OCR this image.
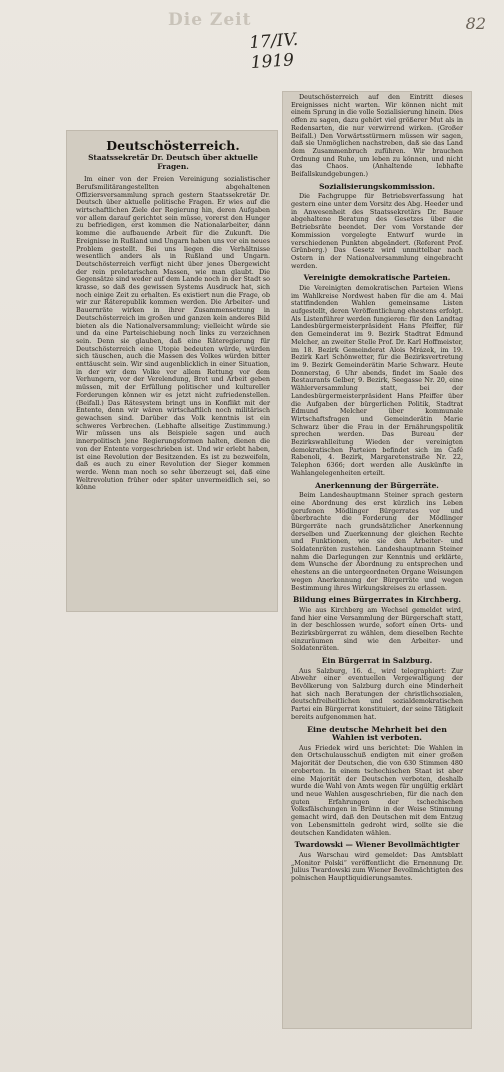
Die Zeit
17/IV. 1919
82
Deutschösterreich.
Staatssekretär Dr. Deutsch über aktuelle Fragen.
Im einer von der Freien Vereinigung sozialistischer Berufsmilitärangestellten abgehaltenen Offiziersversammlung sprach gestern Staatssekretär Dr. Deutsch über aktuelle politische Fragen. Er wies auf die wirtschaftlichen Ziele der Regierung hin, deren Aufgaben vor allem darauf gerichtet sein müsse, vorerst den Hunger zu befriedigen, erst kommen die Nationalarbeiter, dann komme die aufbauende Arbeit für die Zukunft. Die Ereignisse in Rußland und Ungarn haben uns vor ein neues Problem gestellt. Bei uns liegen die Verhältnisse wesentlich anders als in Rußland und Ungarn. Deutschösterreich verfügt nicht über jenes Übergewicht der rein proletarischen Massen, wie man glaubt. Die Gegensätze sind weder auf dem Lande noch in der Stadt so krasse, so daß des gewissen Systems Ausdruck hat, sich noch einige Zeit zu erhalten. Es existiert nun die Frage, ob wir zur Räterepublik kommen werden. Die Arbeiter- und Bauernräte wirken in ihrer Zusammensetzung in Deutschösterreich im großen und ganzen kein anderes Bild bieten als die Nationalversammlung; vielleicht würde sie und da eine Parteischiebung noch links zu verzeichnen sein. Denn sie glauben, daß eine Räteregierung für Deutschösterreich eine Utopie bedeuten würde, würden sich täuschen, auch die Massen des Volkes würden bitter enttäuscht sein. Wir sind augenblicklich in einer Situation, in der wir dem Volke vor allem Rettung vor dem Verhungern, vor der Verelendung, Brot und Arbeit geben müssen, mit der Erfüllung politischer und kultureller Forderungen können wir es jetzt nicht zufriedenstellen. (Beifall.) Das Rätesystem bringt uns in Konflikt mit der Entente, denn wir wären wirtschaftlich noch militärisch gewachsen sind. Darüber das Volk kenntnis ist ein schweres Verbrechen. (Lebhafte allseitige Zustimmung.) Wir müssen uns als Beispiele sagen und auch innerpolitisch jene Regierungsformen halten, dienen die von der Entente vorgeschrieben ist. Und wir erlebt haben, ist eine Revolution der Besitzenden. Es ist zu bezweifeln, daß es auch zu einer Revolution der Sieger kommen werde. Wenn man noch so sehr überzeugt sei, daß eine Weltrevolution früher oder später unvermeidlich sei, so könne
Deutschösterreich auf den Eintritt dieses Ereignisses nicht warten. Wir können nicht mit einem Sprung in die volle Sozialisierung hinein. Dies offen zu sagen, dazu gehört viel größerer Mut als in Redensarten, die nur verwirrend wirken. (Großer Beifall.) Den Vorwärtsstürmern müssen wir sagen, daß sie Unmöglichen nachstreben, daß sie das Land dem Zusammenbruch zuführen. Wir brauchen Ordnung und Ruhe, um leben zu können, und nicht das Chaos. (Anhaltende lebhafte Beifallskundgebungen.)
Sozialisierungskommission.
Die Fachgruppe für Betriebsverfassung hat gestern eine unter dem Vorsitz des Abg. Heeder und in Anwesenheit des Staatssekretärs Dr. Bauer abgehaltene Beratung des Gesetzes über die Betriebsräte beendet. Der vom Vorstande der Kommission vorgelegte Entwurf wurde in verschiedenen Punkten abgeändert. (Referent Prof. Grünberg.) Das Gesetz wird unmittelbar nach Ostern in der Nationalversammlung eingebracht werden.
Vereinigte demokratische Parteien.
Die Vereinigten demokratischen Parteien Wiens im Wahlkreise Nordwest haben für die am 4. Mai stattfindenden Wahlen gemeinsame Listen aufgestellt, deren Veröffentlichung ehestens erfolgt. Als Listenführer werden fungieren: für den Landtag Landesbürgermeisterpräsident Hans Pfeiffer, für den Gemeinderat im 9. Bezirk Stadtrat Edmund Melcher, an zweiter Stelle Prof. Dr. Karl Hoffmeister, im 18. Bezirk Gemeinderat Alois Mrázek, im 19. Bezirk Karl Schönwetter, für die Bezirksvertretung im 9. Bezirk Gemeinderätin Marie Schwarz. Heute Donnerstag, 6 Uhr abends, findet im Saale des Restaurants Gelber, 9. Bezirk, Seegasse Nr. 20, eine Wählerversammlung statt, bei der Landesbürgermeisterpräsident Hans Pfeiffer über die Aufgaben der bürgerlichen Politik, Stadtrat Edmund Melcher über kommunale Wirtschaftsfragen und Gemeinderätin Marie Schwarz über die Frau in der Ernährungspolitik sprechen werden. Das Bureau der Bezirkswahlleitung Wieden der vereinigten demokratischen Parteien befindet sich im Café Rabenoli, 4. Bezirk, Margaretenstraße Nr. 22, Telephon 6366; dort werden alle Auskünfte in Wahlangelegenheiten erteilt.
Anerkennung der Bürgerräte.
Beim Landeshauptmann Steiner sprach gestern eine Abordnung des erst kürzlich ins Leben gerufenen Mödlinger Bürgerrates vor und überbrachte die Forderung der Mödlinger Bürgerräte nach grundsätzlicher Anerkennung derselben und Zuerkennung der gleichen Rechte und Funktionen, wie sie den Arbeiter- und Soldatenräten zustehen. Landeshauptmann Steiner nahm die Darlegungen zur Kenntnis und erklärte, dem Wunsche der Abordnung zu entsprechen und ehestens an die untergeordneten Organe Weisungen wegen Anerkennung der Bürgerräte und wegen Bestimmung ihres Wirkungskreises zu erlassen.
Bildung eines Bürgerrates in Kirchberg.
Wie aus Kirchberg am Wechsel gemeldet wird, fand hier eine Versammlung der Bürgerschaft statt, in der beschlossen wurde, sofort einen Orts- und Bezirksbürgerrat zu wählen, dem dieselben Rechte einzuräumen sind wie den Arbeiter- und Soldatenräten.
Ein Bürgerrat in Salzburg.
Aus Salzburg, 16. d., wird telegraphiert: Zur Abwehr einer eventuellen Vergewaltigung der Bevölkerung von Salzburg durch eine Minderheit hat sich nach Beratungen der christlichsozialen, deutschfreiheitlichen und sozialdemokratischen Partei ein Bürgerrat konstituiert, der seine Tätigkeit bereits aufgenommen hat.
Eine deutsche Mehrheit bei den Wahlen ist verboten.
Aus Friedek wird uns berichtet: Die Wahlen in den Ortschulausschuß endigten mit einer großen Majorität der Deutschen, die von 630 Stimmen 480 eroberten. In einem tschechischen Staat ist aber eine Majorität der Deutschen verboten, deshalb wurde die Wahl von Amts wegen für ungültig erklärt und neue Wahlen ausgeschrieben, für die nach den guten Erfahrungen der tschechischen Volksfälschungen in Brünn in der Weise Stimmung gemacht wird, daß den Deutschen mit dem Entzug von Lebensmitteln gedroht wird, sollte sie die deutschen Kandidaten wählen.
Twardowski — Wiener Bevollmächtigter
Aus Warschau wird gemeldet: Das Amtsblatt „Monitor Polski“ veröffentlicht die Ernennung Dr. Julius Twardowski zum Wiener Bevollmächtigten des polnischen Hauptliquidierungsamtes.
